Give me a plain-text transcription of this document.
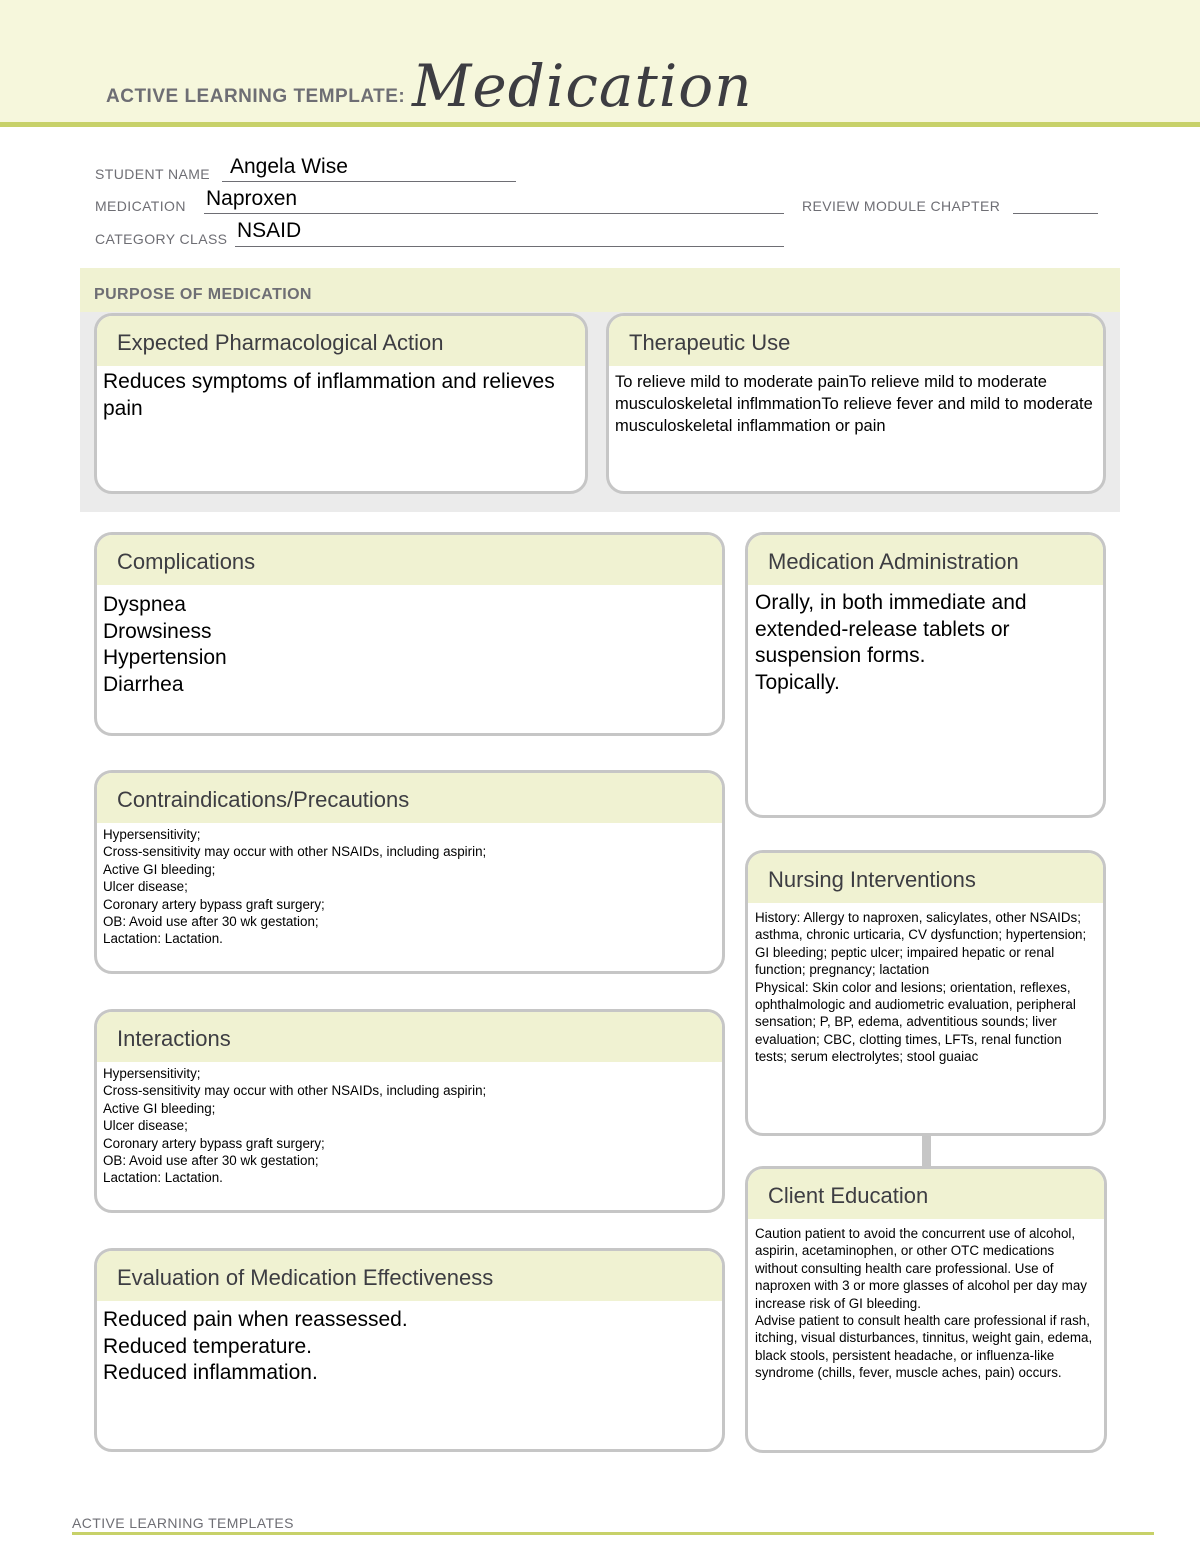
ACTIVE LEARNING TEMPLATE: Medication
STUDENT NAME Angela Wise
MEDICATION Naproxen	REVIEW MODULE CHAPTER
CATEGORY CLASS NSAID
PURPOSE OF MEDICATION
Expected Pharmacological Action
Reduces symptoms of inflammation and relieves pain
Therapeutic Use
To relieve mild to moderate painTo relieve mild to moderate musculoskeletal inflmmationTo relieve fever and mild to moderate musculoskeletal inflammation or pain
Complications
Dyspnea
Drowsiness
Hypertension
Diarrhea
Contraindications/Precautions
Hypersensitivity;
Cross-sensitivity may occur with other NSAIDs, including aspirin;
Active GI bleeding;
Ulcer disease;
Coronary artery bypass graft surgery;
OB: Avoid use after 30 wk gestation;
Lactation: Lactation.
Interactions
Hypersensitivity;
Cross-sensitivity may occur with other NSAIDs, including aspirin;
Active GI bleeding;
Ulcer disease;
Coronary artery bypass graft surgery;
OB: Avoid use after 30 wk gestation;
Lactation: Lactation.
Evaluation of Medication Effectiveness
Reduced pain when reassessed.
Reduced temperature.
Reduced inflammation.
Medication Administration
Orally, in both immediate and extended-release tablets or suspension forms.
Topically.
Nursing Interventions
History: Allergy to naproxen, salicylates, other NSAIDs; asthma, chronic urticaria, CV dysfunction; hypertension; GI bleeding; peptic ulcer; impaired hepatic or renal function; pregnancy; lactation
Physical: Skin color and lesions; orientation, reflexes, ophthalmologic and audiometric evaluation, peripheral sensation; P, BP, edema, adventitious sounds; liver evaluation; CBC, clotting times, LFTs, renal function tests; serum electrolytes; stool guaiac
Client Education
Caution patient to avoid the concurrent use of alcohol, aspirin, acetaminophen, or other OTC medications without consulting health care professional. Use of naproxen with 3 or more glasses of alcohol per day may increase risk of GI bleeding.
Advise patient to consult health care professional if rash, itching, visual disturbances, tinnitus, weight gain, edema, black stools, persistent headache, or influenza-like syndrome (chills, fever, muscle aches, pain) occurs.
ACTIVE LEARNING TEMPLATES
